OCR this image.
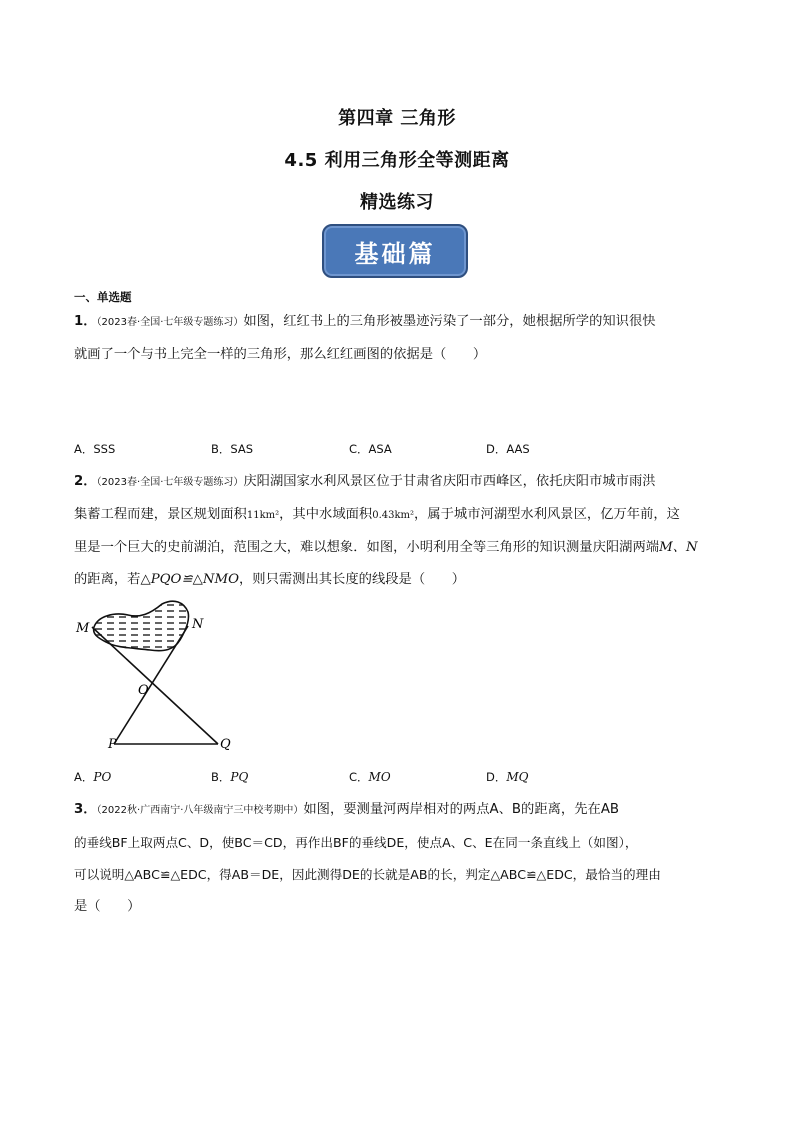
第四章 三角形
4.5 利用三角形全等测距离
精选练习
基础篇
一、单选题
1．（2023春·全国·七年级专题练习）如图，红红书上的三角形被墨迹污染了一部分，她根据所学的知识很快
就画了一个与书上完全一样的三角形，那么红红画图的依据是（　　）
A．SSS	B．SAS	C．ASA	D．AAS
2．（2023春·全国·七年级专题练习）庆阳湖国家水利风景区位于甘肃省庆阳市西峰区，依托庆阳市城市雨洪
集蓄工程而建，景区规划面积11km²，其中水域面积0.43km²，属于城市河湖型水利风景区，亿万年前，这
里是一个巨大的史前湖泊，范围之大，难以想象．如图，小明利用全等三角形的知识测量庆阳湖两端M、N
的距离，若△PQO≌△NMO，则只需测出其长度的线段是（　　）
M	N
O
P	Q
A．PO	B．PQ	C．MO	D．MQ
3．（2022秋·广西南宁·八年级南宁三中校考期中）如图，要测量河两岸相对的两点A、B的距离，先在AB
的垂线BF上取两点C、D，使BC＝CD，再作出BF的垂线DE，使点A、C、E在同一条直线上（如图），
可以说明△ABC≌△EDC，得AB＝DE，因此测得DE的长就是AB的长，判定△ABC≌△EDC，最恰当的理由
是（　　）
